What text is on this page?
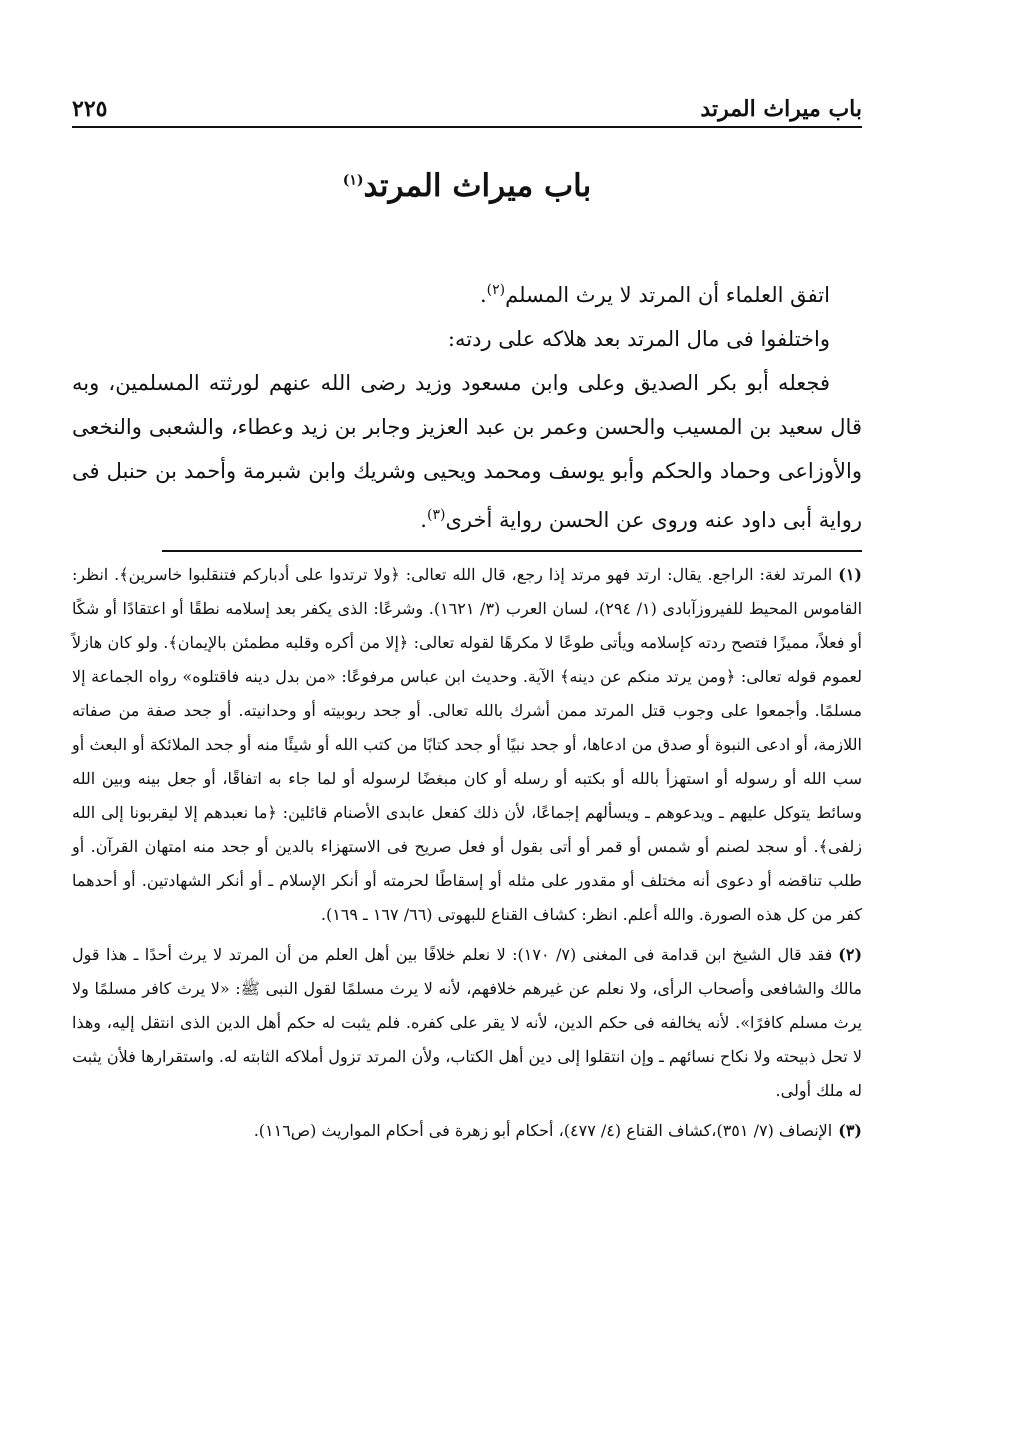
باب ميراث المرتد
٢٢٥
باب ميراث المرتد$^{(١)}$

اتفق العلماء أن المرتد لا يرث المسلم$^{(٢)}$.

واختلفوا فى مال المرتد بعد هلاكه على ردته:

فجعله أبو بكر الصديق وعلى وابن مسعود وزيد رضى الله عنهم لورثته المسلمين، وبه قال سعيد بن المسيب والحسن وعمر بن عبد العزيز وجابر بن زيد وعطاء، والشعبى والنخعى والأوزاعى وحماد والحكم وأبو يوسف ومحمد ويحيى وشريك وابن شبرمة وأحمد بن حنبل فى رواية أبى داود عنه وروى عن الحسن رواية أخرى$^{(٣)}$.

(١)المرتد لغة: الراجع. يقال: ارتد فهو مرتد إذا رجع، قال الله تعالى: ﴿ولا ترتدوا على أدباركم فتنقلبوا خاسرين﴾. انظر: القاموس المحيط للفيروزآبادى (١/ ٢٩٤)، لسان العرب (٣/ ١٦٢١). وشرعًا: الذى يكفر بعد إسلامه نطقًا أو اعتقادًا أو شكًا أو فعلاً، مميزًا فتصح ردته كإسلامه ويأتى طوعًا لا مكرهًا لقوله تعالى: ﴿إلا من أكره وقلبه مطمئن بالإيمان﴾. ولو كان هازلاً لعموم قوله تعالى: ﴿ومن يرتد منكم عن دينه﴾ الآية. وحديث ابن عباس مرفوعًا: «من بدل دينه فاقتلوه» رواه الجماعة إلا مسلمًا. وأجمعوا على وجوب قتل المرتد ممن أشرك بالله تعالى. أو جحد ربوبيته أو وحدانيته. أو جحد صفة من صفاته اللازمة، أو ادعى النبوة أو صدق من ادعاها، أو جحد نبيًا أو جحد كتابًا من كتب الله أو شيئًا منه أو جحد الملائكة أو البعث أو سب الله أو رسوله أو استهزأ بالله أو بكتبه أو رسله أو كان مبغضًا لرسوله أو لما جاء به اتفاقًا، أو جعل بينه وبين الله وسائط يتوكل عليهم ـ ويدعوهم ـ ويسألهم إجماعًا، لأن ذلك كفعل عابدى الأصنام قائلين: ﴿ما نعبدهم إلا ليقربونا إلى الله زلفى﴾. أو سجد لصنم أو شمس أو قمر أو أتى بقول أو فعل صريح فى الاستهزاء بالدين أو جحد منه امتهان القرآن. أو طلب تناقضه أو دعوى أنه مختلف أو مقدور على مثله أو إسقاطًا لحرمته أو أنكر الإسلام ـ أو أنكر الشهادتين. أو أحدهما كفر من كل هذه الصورة. والله أعلم. انظر: كشاف القناع للبهوتى (٦٦/ ١٦٧ ـ ١٦٩).

(٢)فقد قال الشيخ ابن قدامة فى المغنى (٧/ ١٧٠): لا نعلم خلافًا بين أهل العلم من أن المرتد لا يرث أحدًا ـ هذا قول مالك والشافعى وأصحاب الرأى، ولا نعلم عن غيرهم خلافهم، لأنه لا يرث مسلمًا لقول النبى ﷺ: «لا يرث كافر مسلمًا ولا يرث مسلم كافرًا». لأنه يخالفه فى حكم الدين، لأنه لا يقر على كفره. فلم يثبت له حكم أهل الدين الذى انتقل إليه، وهذا لا تحل ذبيحته ولا نكاح نسائهم ـ وإن انتقلوا إلى دين أهل الكتاب، ولأن المرتد تزول أملاكه الثابته له. واستقرارها فلأن يثبت له ملك أولى.

(٣)الإنصاف (٧/ ٣٥١)،كشاف القناع (٤/ ٤٧٧)، أحكام أبو زهرة فى أحكام المواريث (ص١١٦).
